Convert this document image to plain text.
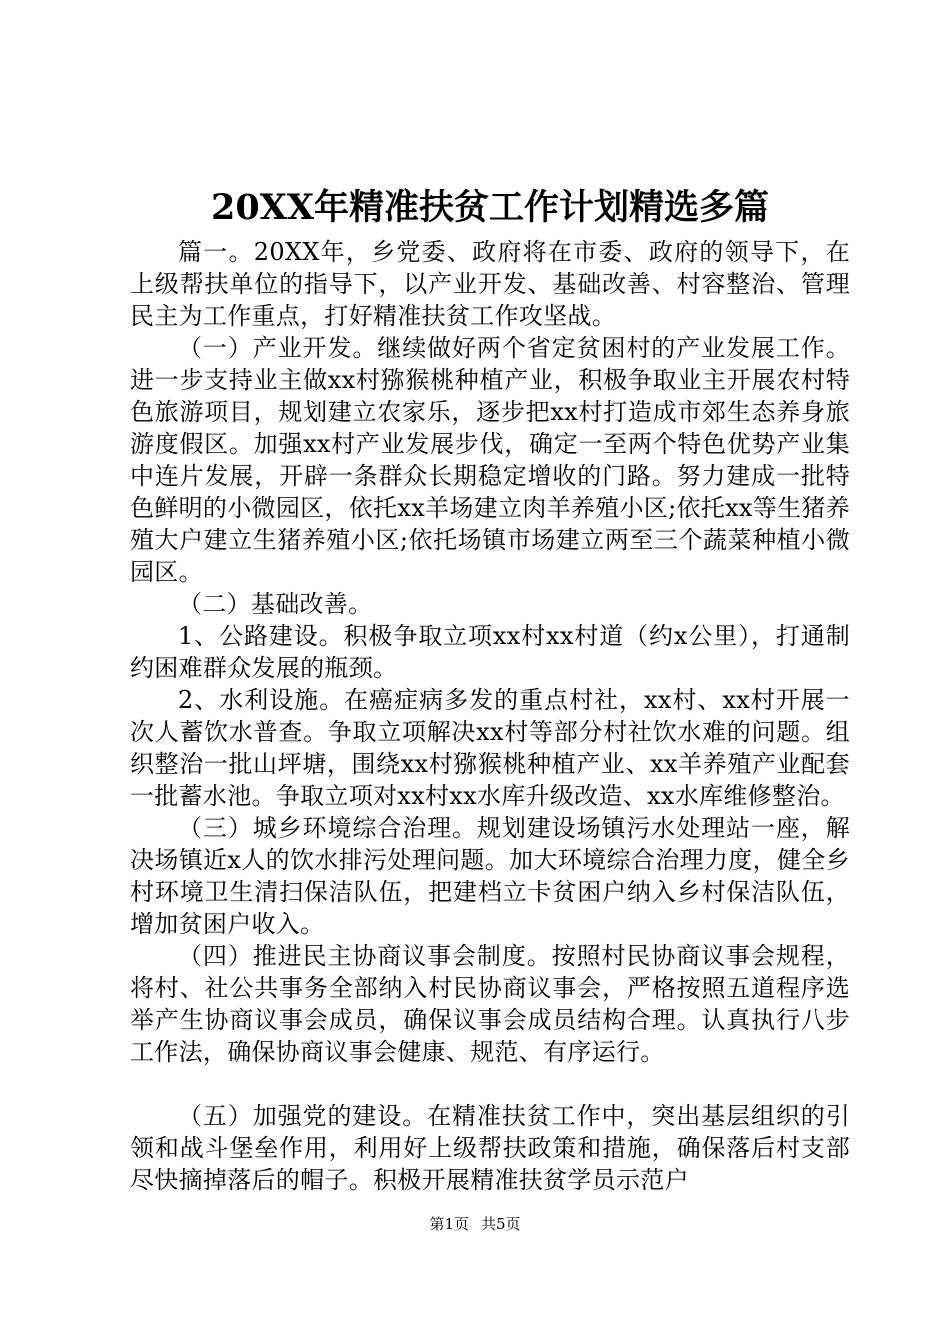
20XX年精准扶贫工作计划精选多篇

篇一。20XX年，乡党委、政府将在市委、政府的领导下，在上级帮扶单位的指导下，以产业开发、基础改善、村容整治、管理民主为工作重点，打好精准扶贫工作攻坚战。

（一）产业开发。继续做好两个省定贫困村的产业发展工作。进一步支持业主做xx村猕猴桃种植产业，积极争取业主开展农村特色旅游项目，规划建立农家乐，逐步把xx村打造成市郊生态养身旅游度假区。加强xx村产业发展步伐，确定一至两个特色优势产业集中连片发展，开辟一条群众长期稳定增收的门路。努力建成一批特色鲜明的小微园区，依托xx羊场建立肉羊养殖小区;依托xx等生猪养殖大户建立生猪养殖小区;依托场镇市场建立两至三个蔬菜种植小微园区。

（二）基础改善。

1、公路建设。积极争取立项xx村xx村道（约x公里），打通制约困难群众发展的瓶颈。

2、水利设施。在癌症病多发的重点村社，xx村、xx村开展一次人蓄饮水普查。争取立项解决xx村等部分村社饮水难的问题。组织整治一批山坪塘，围绕xx村猕猴桃种植产业、xx羊养殖产业配套一批蓄水池。争取立项对xx村xx水库升级改造、xx水库维修整治。

（三）城乡环境综合治理。规划建设场镇污水处理站一座，解决场镇近x人的饮水排污处理问题。加大环境综合治理力度，健全乡村环境卫生清扫保洁队伍，把建档立卡贫困户纳入乡村保洁队伍，增加贫困户收入。

（四）推进民主协商议事会制度。按照村民协商议事会规程，将村、社公共事务全部纳入村民协商议事会，严格按照五道程序选举产生协商议事会成员，确保议事会成员结构合理。认真执行八步工作法，确保协商议事会健康、规范、有序运行。

（五）加强党的建设。在精准扶贫工作中，突出基层组织的引领和战斗堡垒作用，利用好上级帮扶政策和措施，确保落后村支部尽快摘掉落后的帽子。积极开展精准扶贫学员示范户

第1页 共5页
